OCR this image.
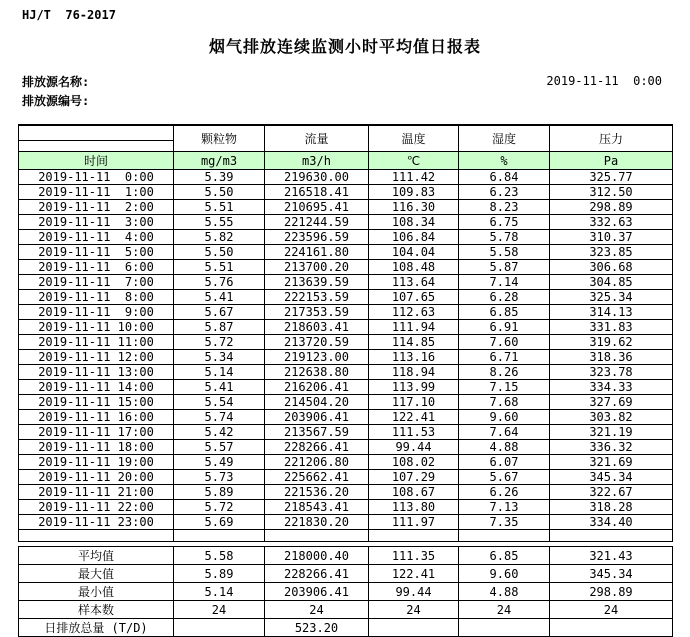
HJ/T  76-2017
烟气排放连续监测小时平均值日报表
排放源名称:
排放源编号:
2019-11-11  0:00
	颗粒物	流量	温度	湿度	压力

时间	mg/m3	m3/h	℃	%	Pa
2019-11-11  0:00	5.39	219630.00	111.42	6.84	325.77
2019-11-11  1:00	5.50	216518.41	109.83	6.23	312.50
2019-11-11  2:00	5.51	210695.41	116.30	8.23	298.89
2019-11-11  3:00	5.55	221244.59	108.34	6.75	332.63
2019-11-11  4:00	5.82	223596.59	106.84	5.78	310.37
2019-11-11  5:00	5.50	224161.80	104.04	5.58	323.85
2019-11-11  6:00	5.51	213700.20	108.48	5.87	306.68
2019-11-11  7:00	5.76	213639.59	113.64	7.14	304.85
2019-11-11  8:00	5.41	222153.59	107.65	6.28	325.34
2019-11-11  9:00	5.67	217353.59	112.63	6.85	314.13
2019-11-11 10:00	5.87	218603.41	111.94	6.91	331.83
2019-11-11 11:00	5.72	213720.59	114.85	7.60	319.62
2019-11-11 12:00	5.34	219123.00	113.16	6.71	318.36
2019-11-11 13:00	5.14	212638.80	118.94	8.26	323.78
2019-11-11 14:00	5.41	216206.41	113.99	7.15	334.33
2019-11-11 15:00	5.54	214504.20	117.10	7.68	327.69
2019-11-11 16:00	5.74	203906.41	122.41	9.60	303.82
2019-11-11 17:00	5.42	213567.59	111.53	7.64	321.19
2019-11-11 18:00	5.57	228266.41	99.44	4.88	336.32
2019-11-11 19:00	5.49	221206.80	108.02	6.07	321.69
2019-11-11 20:00	5.73	225662.41	107.29	5.67	345.34
2019-11-11 21:00	5.89	221536.20	108.67	6.26	322.67
2019-11-11 22:00	5.72	218543.41	113.80	7.13	318.28
2019-11-11 23:00	5.69	221830.20	111.97	7.35	334.40

平均值	5.58	218000.40	111.35	6.85	321.43
最大值	5.89	228266.41	122.41	9.60	345.34
最小值	5.14	203906.41	99.44	4.88	298.89
样本数	24	24	24	24	24
日排放总量 (T/D)		523.20			
